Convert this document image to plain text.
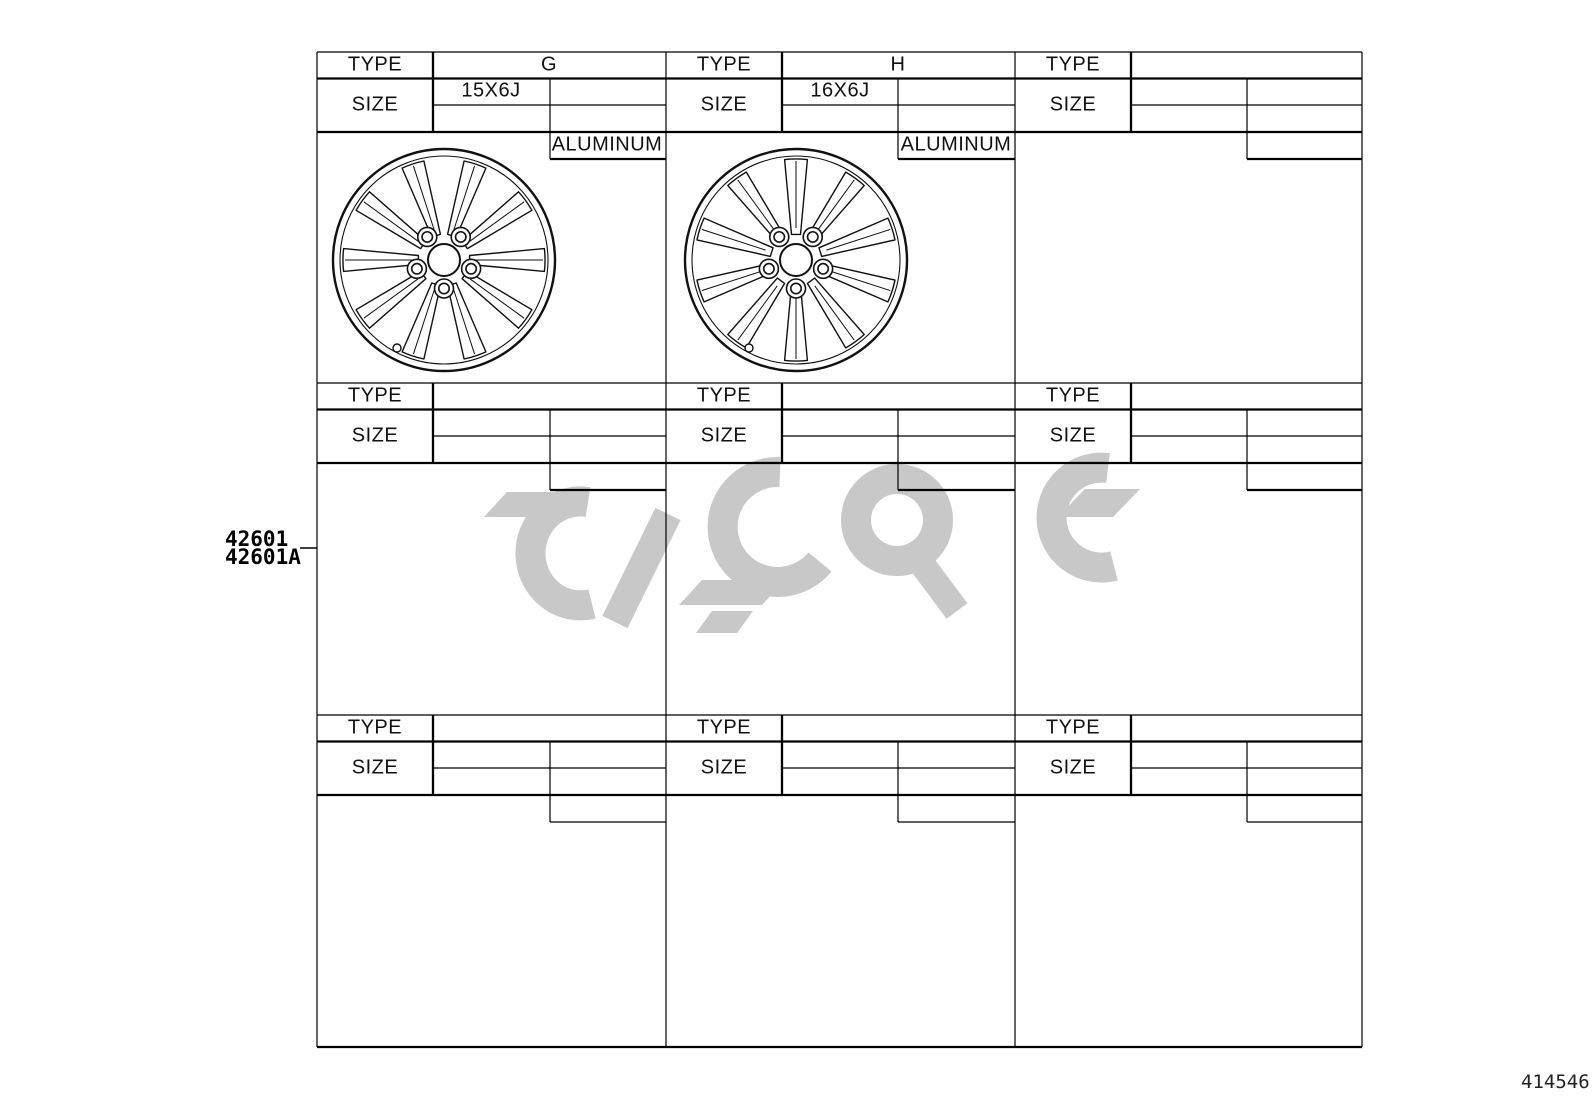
TYPE	G
SIZE
15X6J
ALUMINUM
TYPE	H
SIZE
16X6J
ALUMINUM
TYPE
SIZE
TYPE
SIZE
TYPE
SIZE
TYPE
SIZE
TYPE
SIZE
TYPE
SIZE
TYPE
SIZE
42601
42601A
414546
